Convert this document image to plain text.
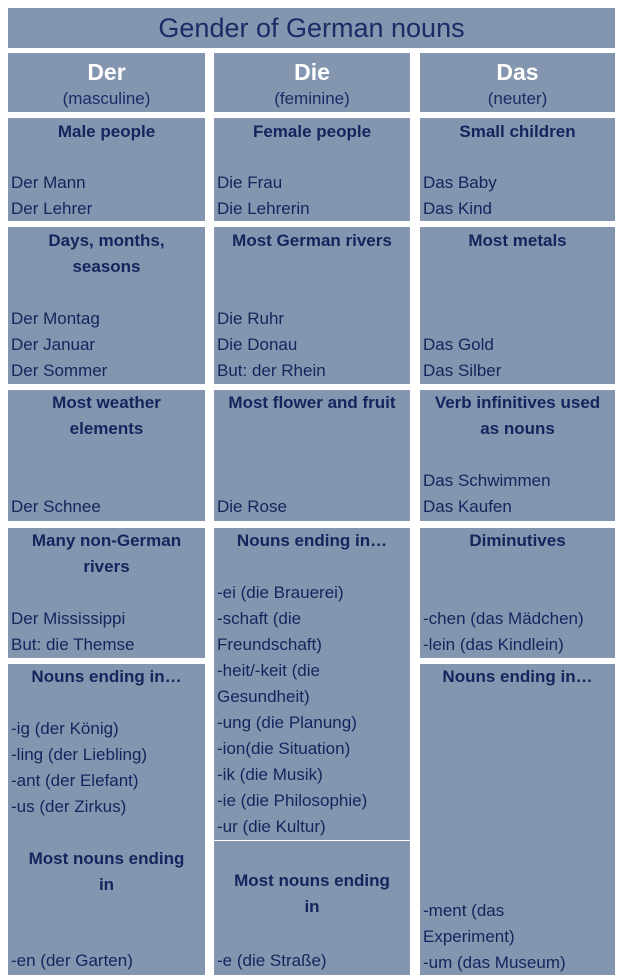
Gender of German nouns
Der
(masculine)
Die
(feminine)
Das
(neuter)
Male people
Der Mann
Der Lehrer
Female people
Die Frau
Die Lehrerin
Small children
Das Baby
Das Kind
Days, months,
seasons
Der Montag
Der Januar
Der Sommer
Most German rivers
Die Ruhr
Die Donau
But: der Rhein
Most metals
Das Gold
Das Silber
Most weather
elements
Der Schnee
Most flower and fruit
Die Rose
Verb infinitives used
as nouns
Das Schwimmen
Das Kaufen
Many non-German
rivers
Der Mississippi
But: die Themse
Diminutives
-chen (das Mädchen)
-lein (das Kindlein)
Nouns ending in…
-ei (die Brauerei)
-schaft (die
Freundschaft)
-heit/-keit (die
Gesundheit)
-ung (die Planung)
-ion(die Situation)
-ik (die Musik)
-ie (die Philosophie)
-ur (die Kultur)
Most nouns ending
in
-e (die Straße)
Nouns ending in…
-ig (der König)
-ling (der Liebling)
-ant (der Elefant)
-us (der Zirkus)
Most nouns ending
in
-en (der Garten)
Nouns ending in…
-ment (das
Experiment)
-um (das Museum)
